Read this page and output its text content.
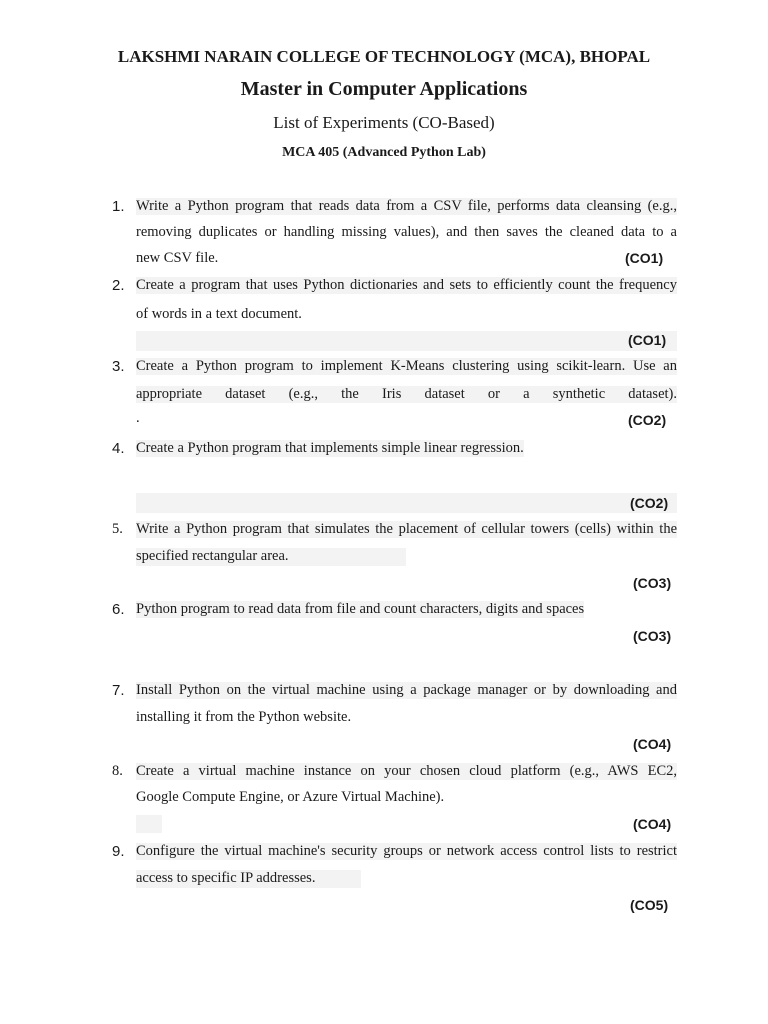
LAKSHMI NARAIN COLLEGE OF TECHNOLOGY (MCA), BHOPAL
Master in Computer Applications
List of Experiments (CO-Based)
MCA 405 (Advanced Python Lab)
1. Write a Python program that reads data from a CSV file, performs data cleansing (e.g.,
removing duplicates or handling missing values), and then saves the cleaned data to a
new CSV file.	(CO1)
2. Create a program that uses Python dictionaries and sets to efficiently count the frequency
of words in a text document.
(CO1)
3. Create a Python program to implement K-Means clustering using scikit-learn. Use an
appropriate dataset (e.g., the Iris dataset or a synthetic dataset).
.	(CO2)
4. Create a Python program that implements simple linear regression.
(CO2)
5. Write a Python program that simulates the placement of cellular towers (cells) within the
specified rectangular area.
(CO3)
6. Python program to read data from file and count characters, digits and spaces
(CO3)
7. Install Python on the virtual machine using a package manager or by downloading and
installing it from the Python website.
(CO4)
8. Create a virtual machine instance on your chosen cloud platform (e.g., AWS EC2,
Google Compute Engine, or Azure Virtual Machine).
(CO4)
9. Configure the virtual machine's security groups or network access control lists to restrict
access to specific IP addresses.
(CO5)
